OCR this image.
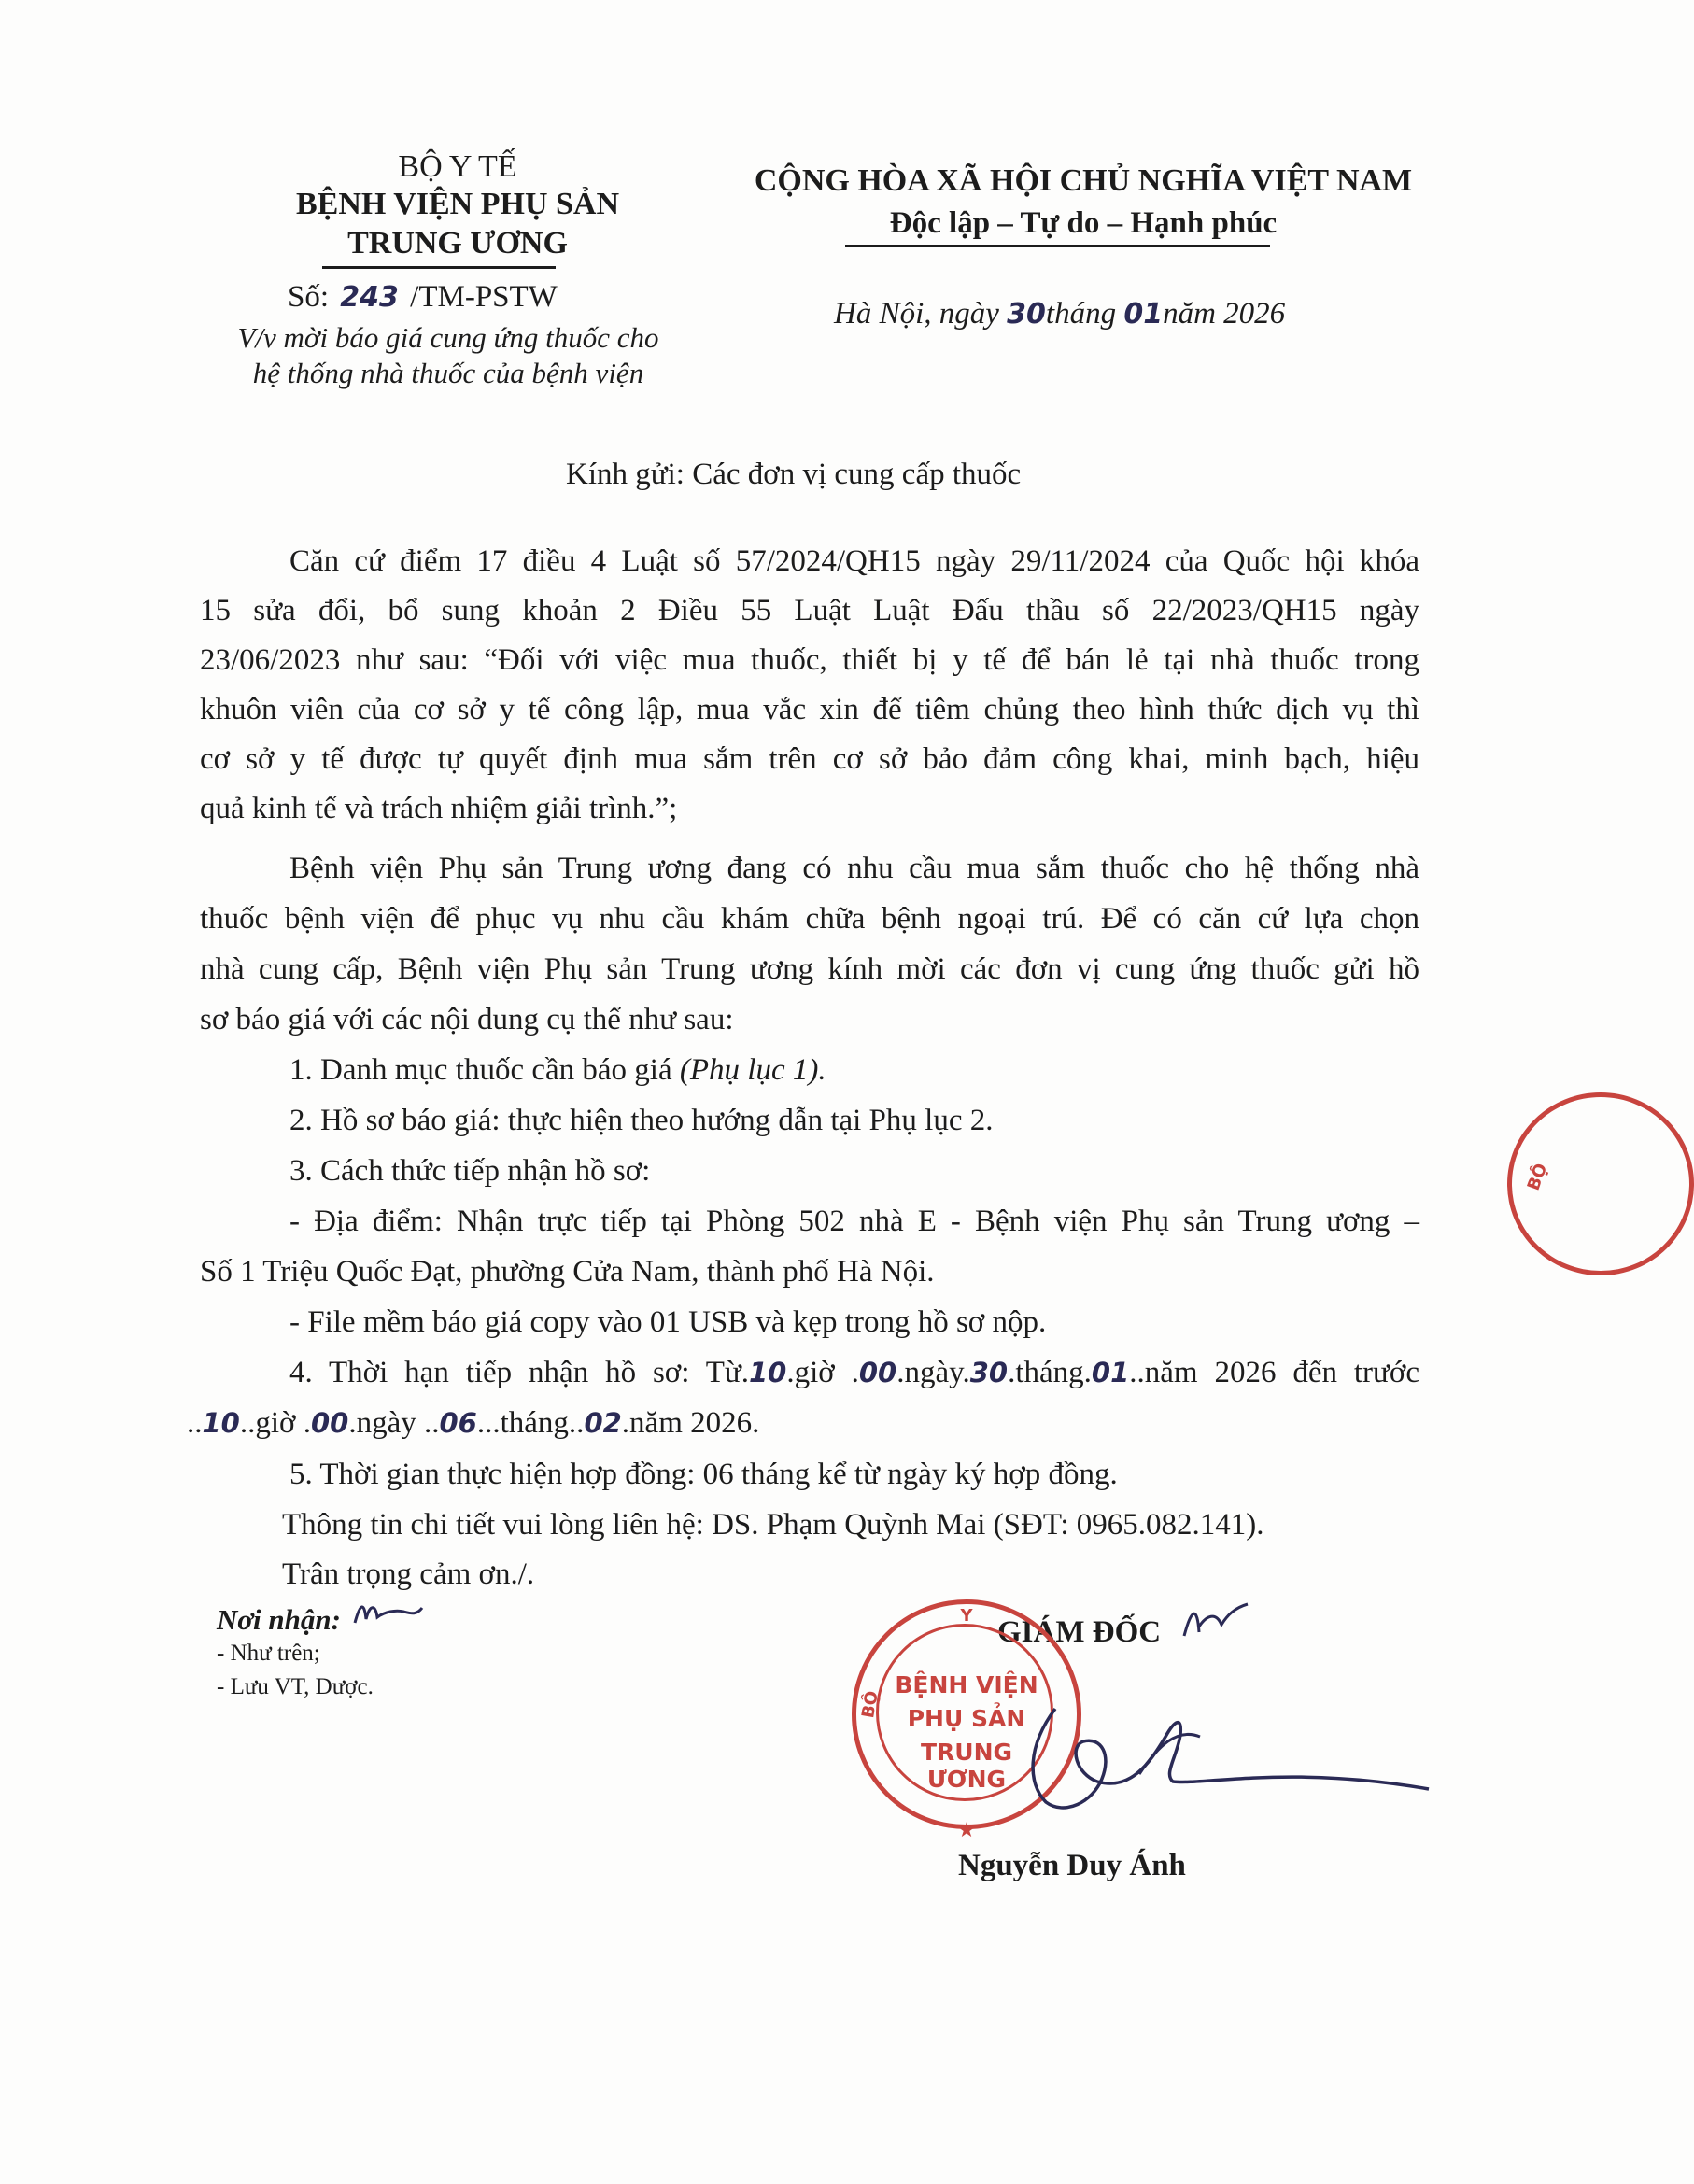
BỘ Y TẾ
BỆNH VIỆN PHỤ SẢN
TRUNG ƯƠNG
Số: 243 /TM-PSTW
V/v mời báo giá cung ứng thuốc cho
hệ thống nhà thuốc của bệnh viện
CỘNG HÒA XÃ HỘI CHỦ NGHĨA VIỆT NAM
Độc lập – Tự do – Hạnh phúc
Hà Nội, ngày 30tháng 01năm 2026
Kính gửi: Các đơn vị cung cấp thuốc
Căn cứ điểm 17 điều 4 Luật số 57/2024/QH15 ngày 29/11/2024 của Quốc hội khóa
15 sửa đổi, bổ sung khoản 2 Điều 55 Luật Luật Đấu thầu số 22/2023/QH15 ngày
23/06/2023 như sau: “Đối với việc mua thuốc, thiết bị y tế để bán lẻ tại nhà thuốc trong
khuôn viên của cơ sở y tế công lập, mua vắc xin để tiêm chủng theo hình thức dịch vụ thì
cơ sở y tế được tự quyết định mua sắm trên cơ sở bảo đảm công khai, minh bạch, hiệu
quả kinh tế và trách nhiệm giải trình.”;
Bệnh viện Phụ sản Trung ương đang có nhu cầu mua sắm thuốc cho hệ thống nhà
thuốc bệnh viện để phục vụ nhu cầu khám chữa bệnh ngoại trú. Để có căn cứ lựa chọn
nhà cung cấp, Bệnh viện Phụ sản Trung ương kính mời các đơn vị cung ứng thuốc gửi hồ
sơ báo giá với các nội dung cụ thể như sau:
1. Danh mục thuốc cần báo giá (Phụ lục 1).
2. Hồ sơ báo giá: thực hiện theo hướng dẫn tại Phụ lục 2.
3. Cách thức tiếp nhận hồ sơ:
- Địa điểm: Nhận trực tiếp tại Phòng 502 nhà E - Bệnh viện Phụ sản Trung ương –
Số 1 Triệu Quốc Đạt, phường Cửa Nam, thành phố Hà Nội.
- File mềm báo giá copy vào 01 USB và kẹp trong hồ sơ nộp.
4. Thời hạn tiếp nhận hồ sơ: Từ.10.giờ .00.ngày.30.tháng.01..năm 2026 đến trước
..10..giờ .00.ngày ..06...tháng..02.năm 2026.
5. Thời gian thực hiện hợp đồng: 06 tháng kể từ ngày ký hợp đồng.
Thông tin chi tiết vui lòng liên hệ: DS. Phạm Quỳnh Mai (SĐT: 0965.082.141).
Trân trọng cảm ơn./.
Nơi nhận:
- Như trên;
- Lưu VT, Dược.
GIÁM ĐỐC
Y
BỘ
BỆNH VIỆN
PHỤ SẢN
TRUNG ƯƠNG
★
Nguyễn Duy Ánh
BỘ
